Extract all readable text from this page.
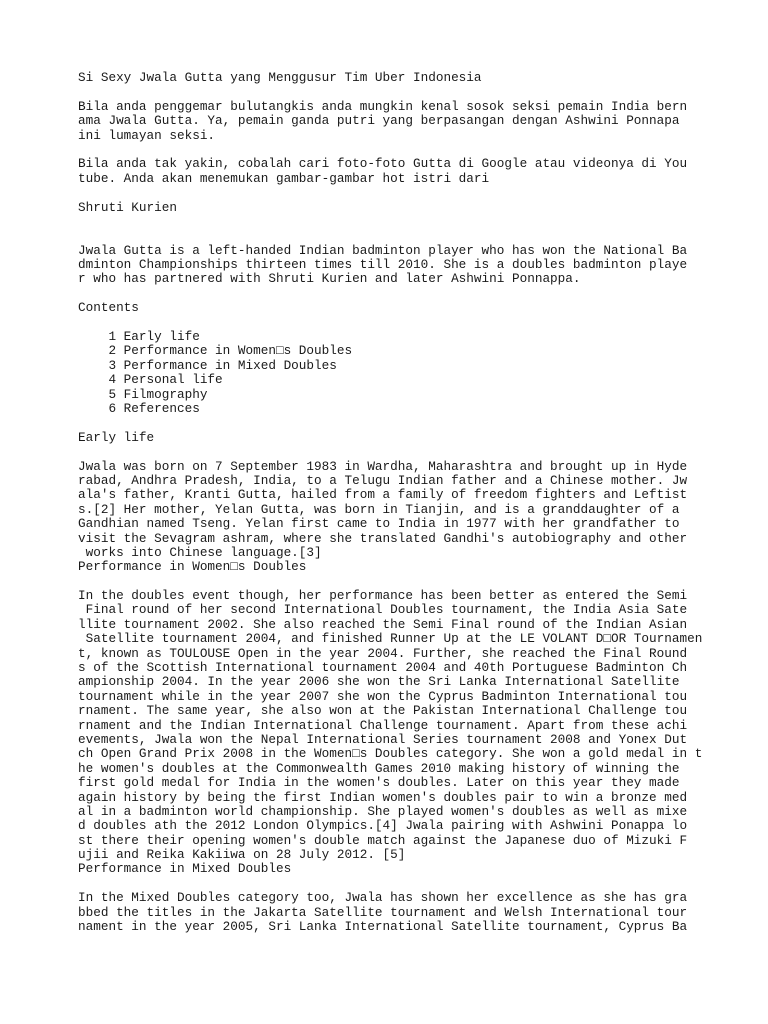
Si Sexy Jwala Gutta yang Menggusur Tim Uber Indonesia
Bila anda penggemar bulutangkis anda mungkin kenal sosok seksi pemain India bern
ama Jwala Gutta. Ya, pemain ganda putri yang berpasangan dengan Ashwini Ponnapa
ini lumayan seksi.
Bila anda tak yakin, cobalah cari foto-foto Gutta di Google atau videonya di You
tube. Anda akan menemukan gambar-gambar hot istri dari
Shruti Kurien
Jwala Gutta is a left-handed Indian badminton player who has won the National Ba
dminton Championships thirteen times till 2010. She is a doubles badminton playe
r who has partnered with Shruti Kurien and later Ashwini Ponnappa.
Contents
1 Early life
2 Performance in Women□s Doubles
3 Performance in Mixed Doubles
4 Personal life
5 Filmography
6 References
Early life
Jwala was born on 7 September 1983 in Wardha, Maharashtra and brought up in Hyde
rabad, Andhra Pradesh, India, to a Telugu Indian father and a Chinese mother. Jw
ala's father, Kranti Gutta, hailed from a family of freedom fighters and Leftist
s.[2] Her mother, Yelan Gutta, was born in Tianjin, and is a granddaughter of a
Gandhian named Tseng. Yelan first came to India in 1977 with her grandfather to
visit the Sevagram ashram, where she translated Gandhi's autobiography and other
works into Chinese language.[3]
Performance in Women□s Doubles
In the doubles event though, her performance has been better as entered the Semi
Final round of her second International Doubles tournament, the India Asia Sate
llite tournament 2002. She also reached the Semi Final round of the Indian Asian
Satellite tournament 2004, and finished Runner Up at the LE VOLANT D□OR Tournamen
t, known as TOULOUSE Open in the year 2004. Further, she reached the Final Round
s of the Scottish International tournament 2004 and 40th Portuguese Badminton Ch
ampionship 2004. In the year 2006 she won the Sri Lanka International Satellite
tournament while in the year 2007 she won the Cyprus Badminton International tou
rnament. The same year, she also won at the Pakistan International Challenge tou
rnament and the Indian International Challenge tournament. Apart from these achi
evements, Jwala won the Nepal International Series tournament 2008 and Yonex Dut
ch Open Grand Prix 2008 in the Women□s Doubles category. She won a gold medal in t
he women's doubles at the Commonwealth Games 2010 making history of winning the
first gold medal for India in the women's doubles. Later on this year they made
again history by being the first Indian women's doubles pair to win a bronze med
al in a badminton world championship. She played women's doubles as well as mixe
d doubles ath the 2012 London Olympics.[4] Jwala pairing with Ashwini Ponappa lo
st there their opening women's double match against the Japanese duo of Mizuki F
ujii and Reika Kakiiwa on 28 July 2012. [5]
Performance in Mixed Doubles
In the Mixed Doubles category too, Jwala has shown her excellence as she has gra
bbed the titles in the Jakarta Satellite tournament and Welsh International tour
nament in the year 2005, Sri Lanka International Satellite tournament, Cyprus Ba
